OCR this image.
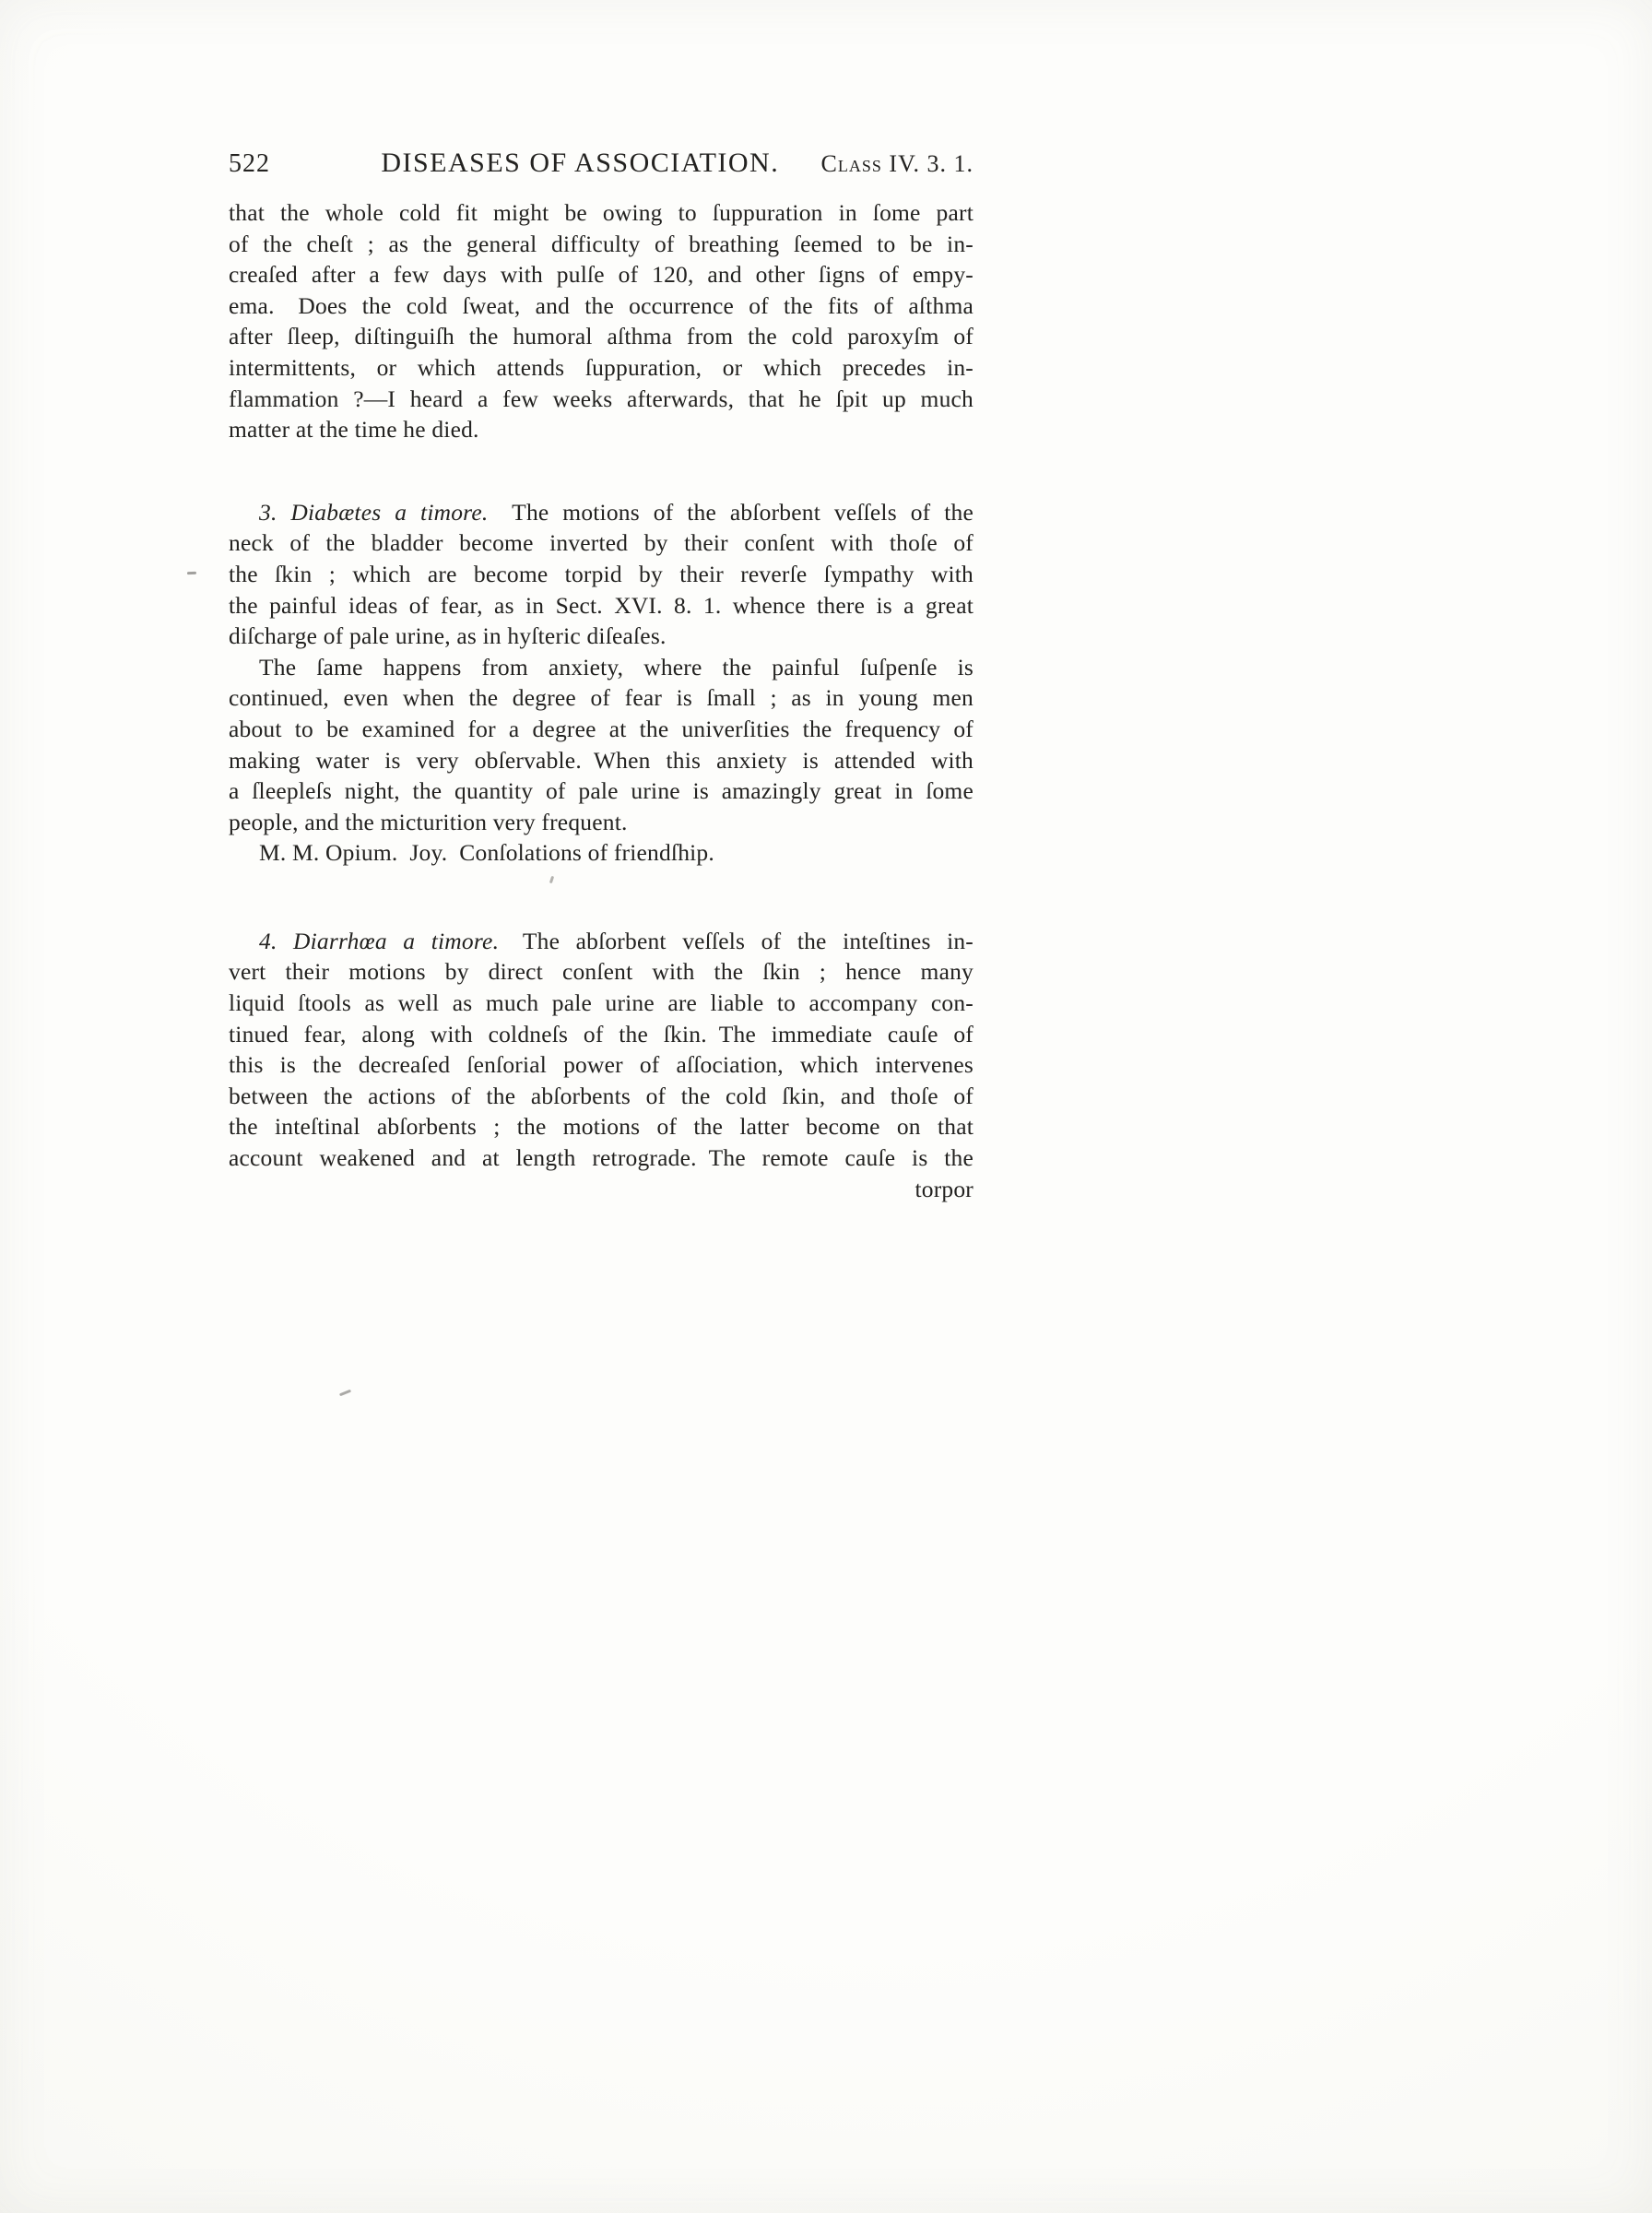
522	DISEASES OF ASSOCIATION.	Class IV. 3. 1.
that the whole cold fit might be owing to ſuppuration in ſome part
of the cheſt ; as the general difficulty of breathing ſeemed to be in-
creaſed after a few days with pulſe of 120, and other ſigns of empy-
ema. Does the cold ſweat, and the occurrence of the fits of aſthma
after ſleep, diſtinguiſh the humoral aſthma from the cold paroxyſm of
intermittents, or which attends ſuppuration, or which precedes in-
flammation ?—I heard a few weeks afterwards, that he ſpit up much
matter at the time he died.
3. Diabætes a timore. The motions of the abſorbent veſſels of the
neck of the bladder become inverted by their conſent with thoſe of
the ſkin ; which are become torpid by their reverſe ſympathy with
the painful ideas of fear, as in Sect. XVI. 8. 1. whence there is a great
diſcharge of pale urine, as in hyſteric diſeaſes.
The ſame happens from anxiety, where the painful ſuſpenſe is
continued, even when the degree of fear is ſmall ; as in young men
about to be examined for a degree at the univerſities the frequency of
making water is very obſervable. When this anxiety is attended with
a ſleepleſs night, the quantity of pale urine is amazingly great in ſome
people, and the micturition very frequent.
M. M. Opium. Joy. Conſolations of friendſhip.
4. Diarrhœa a timore. The abſorbent veſſels of the inteſtines in-
vert their motions by direct conſent with the ſkin ; hence many
liquid ſtools as well as much pale urine are liable to accompany con-
tinued fear, along with coldneſs of the ſkin. The immediate cauſe of
this is the decreaſed ſenſorial power of aſſociation, which intervenes
between the actions of the abſorbents of the cold ſkin, and thoſe of
the inteſtinal abſorbents ; the motions of the latter become on that
account weakened and at length retrograde. The remote cauſe is the
torpor
